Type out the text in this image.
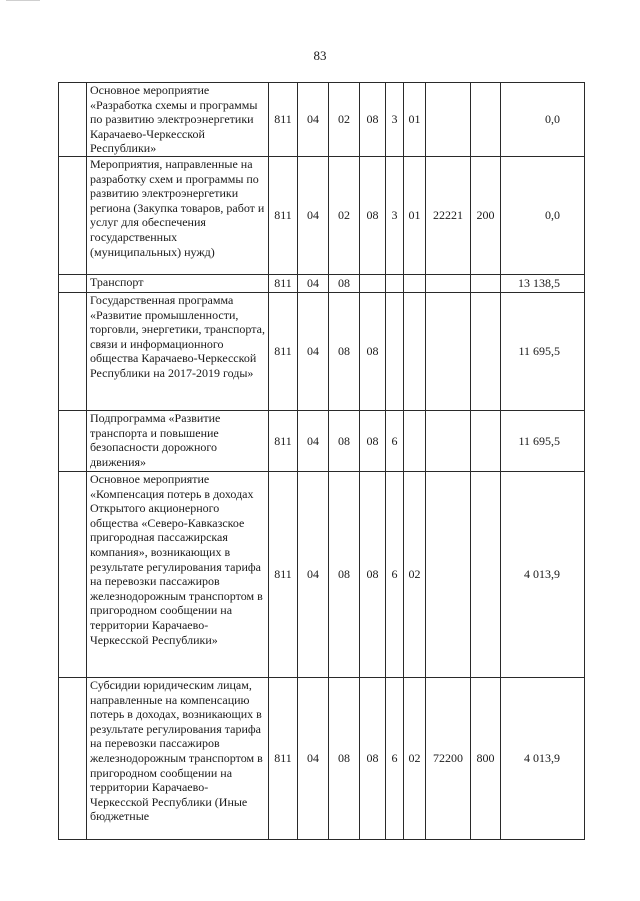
83
	Основное мероприятие «Разработка схемы и программы по развитию электроэнергетики Карачаево-Черкесской Республики»	811	04	02	08	3	01			0,0
	Мероприятия, направленные на разработку схем и программы по развитию электроэнергетики региона (Закупка товаров, работ и услуг для обеспечения государственных (муниципальных) нужд)	811	04	02	08	3	01	22221	200	0,0
	Транспорт	811	04	08						13 138,5
	Государственная программа «Развитие промышленности, торговли, энергетики, транспорта, связи и информационного общества Карачаево-Черкесской Республики на 2017-2019 годы»	811	04	08	08					11 695,5
	Подпрограмма «Развитие транспорта и повышение безопасности дорожного движения»	811	04	08	08	6				11 695,5
	Основное мероприятие «Компенсация потерь в доходах Открытого акционерного общества «Северо-Кавказское пригородная пассажирская компания», возникающих в результате регулирования тарифа на перевозки пассажиров железнодорожным транспортом в пригородном сообщении на территории Карачаево-Черкесской Республики»	811	04	08	08	6	02			4 013,9
	Субсидии юридическим лицам, направленные на компенсацию потерь в доходах, возникающих в результате регулирования тарифа на перевозки пассажиров железнодорожным транспортом в пригородном сообщении на территории Карачаево-Черкесской Республики (Иные бюджетные	811	04	08	08	6	02	72200	800	4 013,9
